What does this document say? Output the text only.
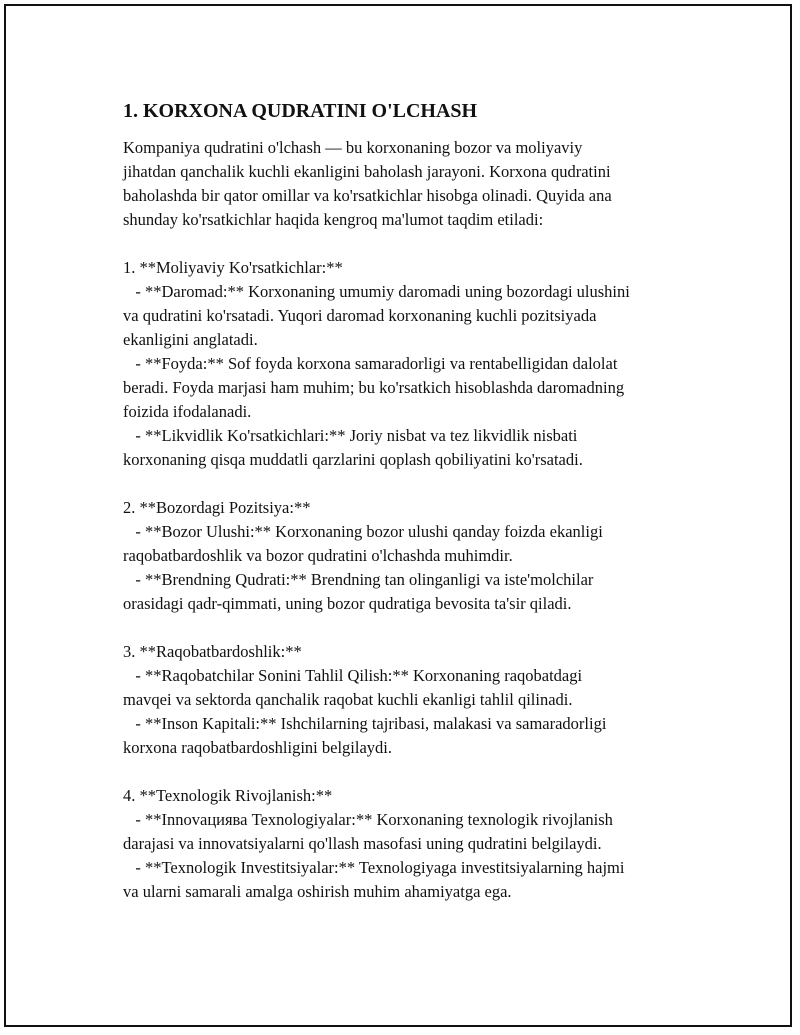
1. KORXONA QUDRATINI O'LCHASH
Kompaniya qudratini o'lchash — bu korxonaning bozor va moliyaviy
jihatdan qanchalik kuchli ekanligini baholash jarayoni. Korxona qudratini
baholashda bir qator omillar va ko'rsatkichlar hisobga olinadi. Quyida ana
shunday ko'rsatkichlar haqida kengroq ma'lumot taqdim etiladi:
1. **Moliyaviy Ko'rsatkichlar:**
- **Daromad:** Korxonaning umumiy daromadi uning bozordagi ulushini
va qudratini ko'rsatadi. Yuqori daromad korxonaning kuchli pozitsiyada
ekanligini anglatadi.
- **Foyda:** Sof foyda korxona samaradorligi va rentabelligidan dalolat
beradi. Foyda marjasi ham muhim; bu ko'rsatkich hisoblashda daromadning
foizida ifodalanadi.
- **Likvidlik Ko'rsatkichlari:** Joriy nisbat va tez likvidlik nisbati
korxonaning qisqa muddatli qarzlarini qoplash qobiliyatini ko'rsatadi.
2. **Bozordagi Pozitsiya:**
- **Bozor Ulushi:** Korxonaning bozor ulushi qanday foizda ekanligi
raqobatbardoshlik va bozor qudratini o'lchashda muhimdir.
- **Brendning Qudrati:** Brendning tan olinganligi va iste'molchilar
orasidagi qadr-qimmati, uning bozor qudratiga bevosita ta'sir qiladi.
3. **Raqobatbardoshlik:**
- **Raqobatchilar Sonini Tahlil Qilish:** Korxonaning raqobatdagi
mavqei va sektorda qanchalik raqobat kuchli ekanligi tahlil qilinadi.
- **Inson Kapitali:** Ishchilarning tajribasi, malakasi va samaradorligi
korxona raqobatbardoshligini belgilaydi.
4. **Texnologik Rivojlanish:**
- **Innovациява Texnologiyalar:** Korxonaning texnologik rivojlanish
darajasi va innovatsiyalarni qo'llash masofasi uning qudratini belgilaydi.
- **Texnologik Investitsiyalar:** Texnologiyaga investitsiyalarning hajmi
va ularni samarali amalga oshirish muhim ahamiyatga ega.
